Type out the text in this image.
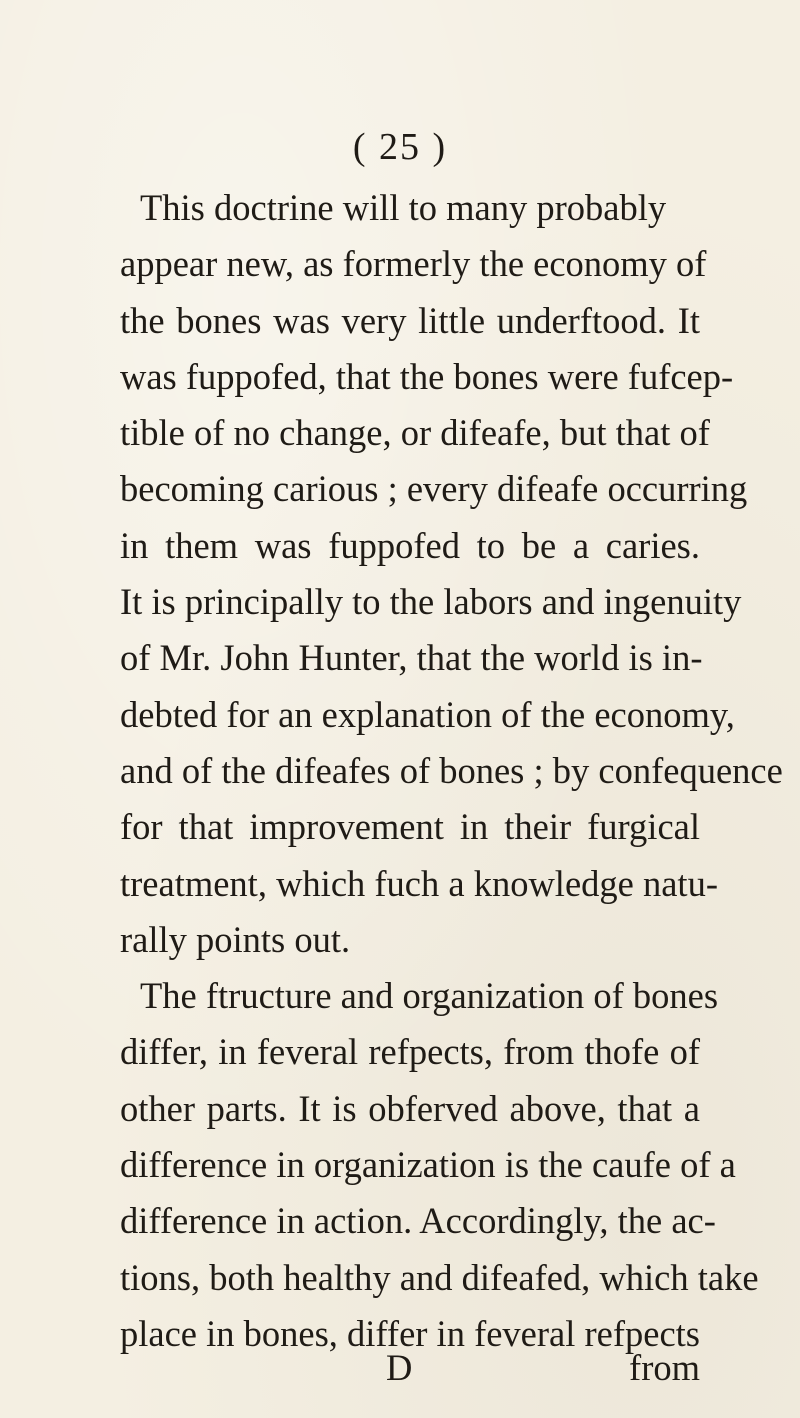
( 25 )
This doctrine will to many probably
appear new, as formerly the economy of
the bones was very little underftood. It
was fuppofed, that the bones were fufcep-
tible of no change, or difeafe, but that of
becoming carious ; every difeafe occurring
in them was fuppofed to be a caries.
It is principally to the labors and ingenuity
of Mr. John Hunter, that the world is in-
debted for an explanation of the economy,
and of the difeafes of bones ; by confequence
for that improvement in their furgical
treatment, which fuch a knowledge natu-
rally points out.
The ftructure and organization of bones
differ, in feveral refpects, from thofe of
other parts. It is obferved above, that a
difference in organization is the caufe of a
difference in action. Accordingly, the ac-
tions, both healthy and difeafed, which take
place in bones, differ in feveral refpects
D	from
